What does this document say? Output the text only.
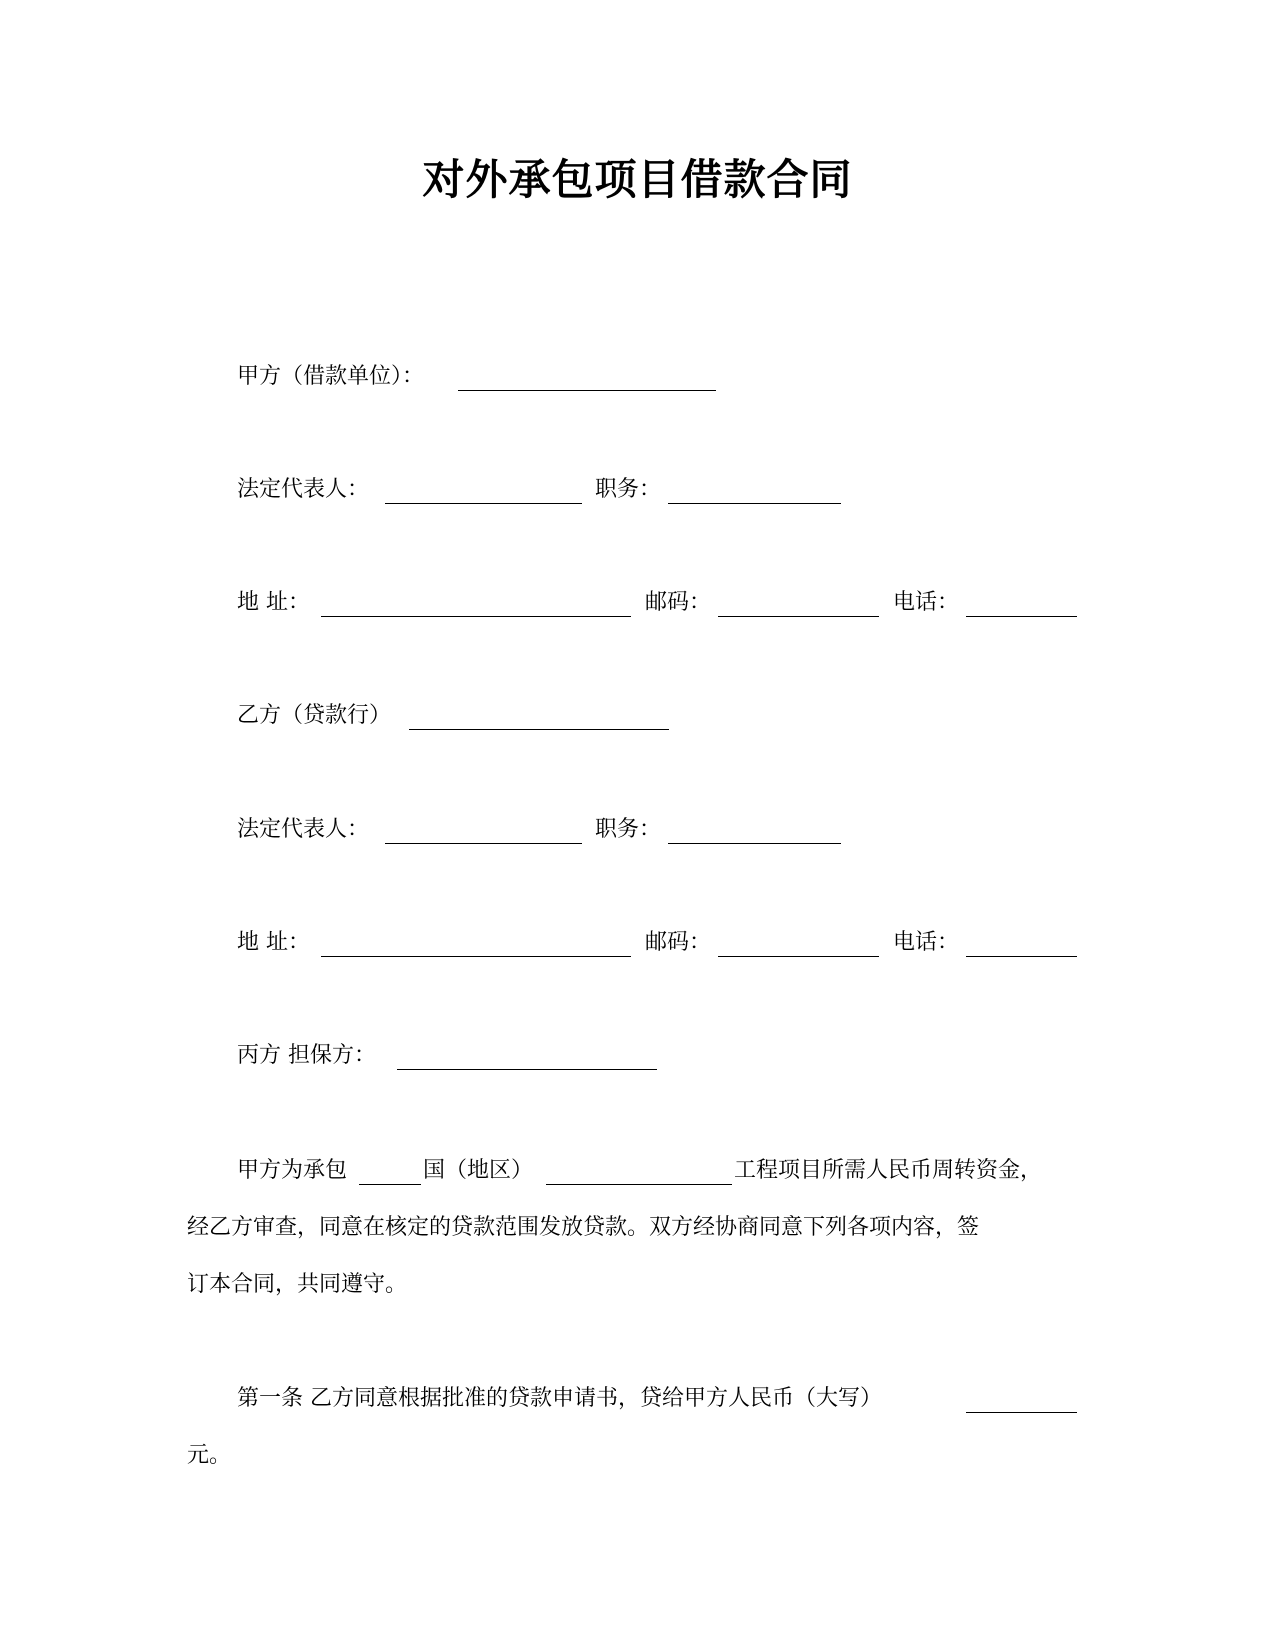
对外承包项目借款合同
甲方（借款单位）：
法定代表人：	职务：
地 址：	邮码：	电话：
乙方（贷款行）
法定代表人：	职务：
地 址：	邮码：	电话：
丙方 担保方：
甲方为承包	国（地区）	工程项目所需人民币周转资金，
经乙方审查，同意在核定的贷款范围发放贷款。双方经协商同意下列各项内容，签
订本合同，共同遵守。
第一条 乙方同意根据批准的贷款申请书，贷给甲方人民币（大写）
元。
